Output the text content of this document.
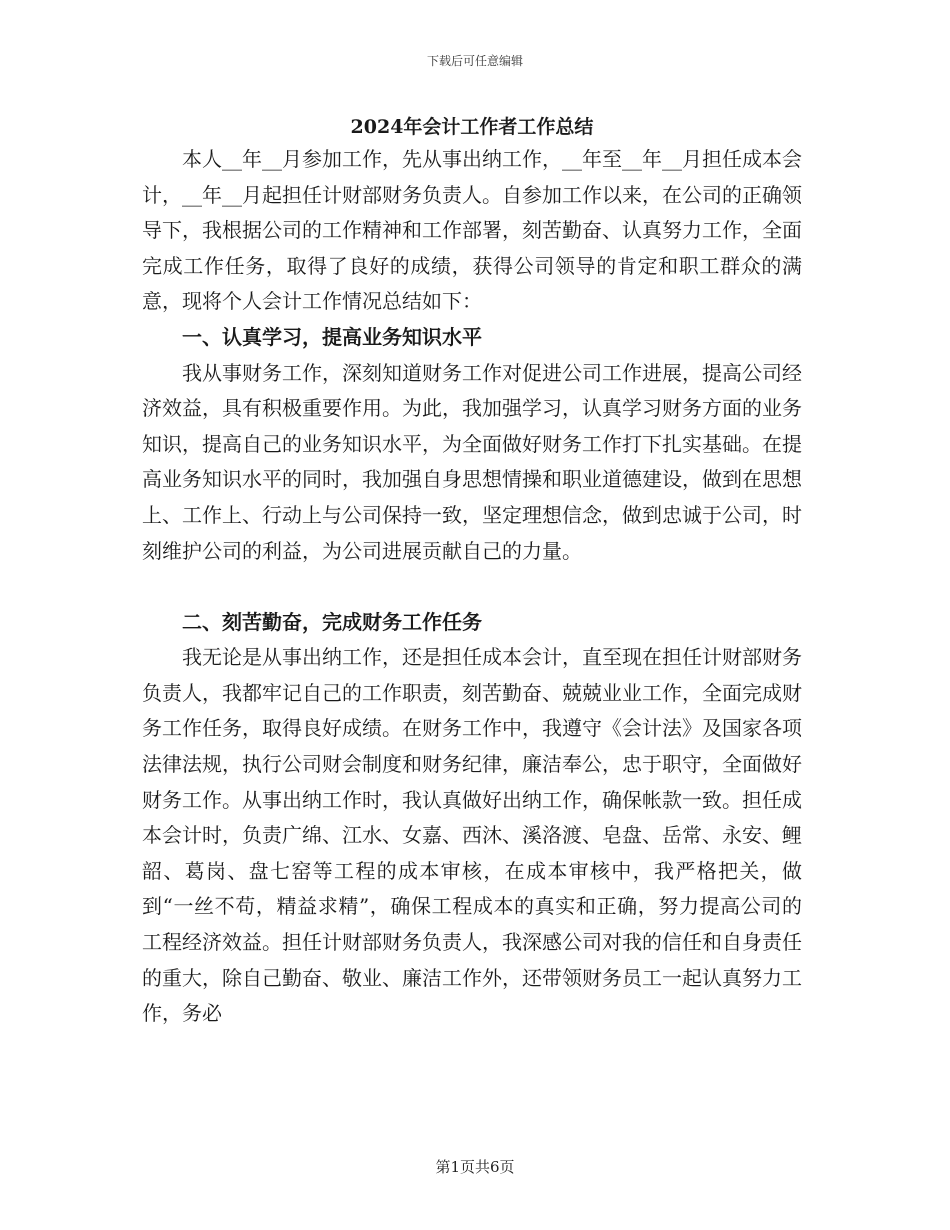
下载后可任意编辑
2024年会计工作者工作总结

本人__年__月参加工作，先从事出纳工作，__年至__年__月担任成本会计，__年__月起担任计财部财务负责人。自参加工作以来，在公司的正确领导下，我根据公司的工作精神和工作部署，刻苦勤奋、认真努力工作，全面完成工作任务，取得了良好的成绩，获得公司领导的肯定和职工群众的满意，现将个人会计工作情况总结如下：

一、认真学习，提高业务知识水平

我从事财务工作，深刻知道财务工作对促进公司工作进展，提高公司经济效益，具有积极重要作用。为此，我加强学习，认真学习财务方面的业务知识，提高自己的业务知识水平，为全面做好财务工作打下扎实基础。在提高业务知识水平的同时，我加强自身思想情操和职业道德建设，做到在思想上、工作上、行动上与公司保持一致，坚定理想信念，做到忠诚于公司，时刻维护公司的利益，为公司进展贡献自己的力量。

二、刻苦勤奋，完成财务工作任务

我无论是从事出纳工作，还是担任成本会计，直至现在担任计财部财务负责人，我都牢记自己的工作职责，刻苦勤奋、兢兢业业工作，全面完成财务工作任务，取得良好成绩。在财务工作中，我遵守《会计法》及国家各项法律法规，执行公司财会制度和财务纪律，廉洁奉公，忠于职守，全面做好财务工作。从事出纳工作时，我认真做好出纳工作，确保帐款一致。担任成本会计时，负责广绵、江水、女嘉、西沐、溪洛渡、皂盘、岳常、永安、鲤韶、葛岗、盘七窑等工程的成本审核，在成本审核中，我严格把关，做到“一丝不苟，精益求精”，确保工程成本的真实和正确，努力提高公司的工程经济效益。担任计财部财务负责人，我深感公司对我的信任和自身责任的重大，除自己勤奋、敬业、廉洁工作外，还带领财务员工一起认真努力工作，务必

第1页共6页
